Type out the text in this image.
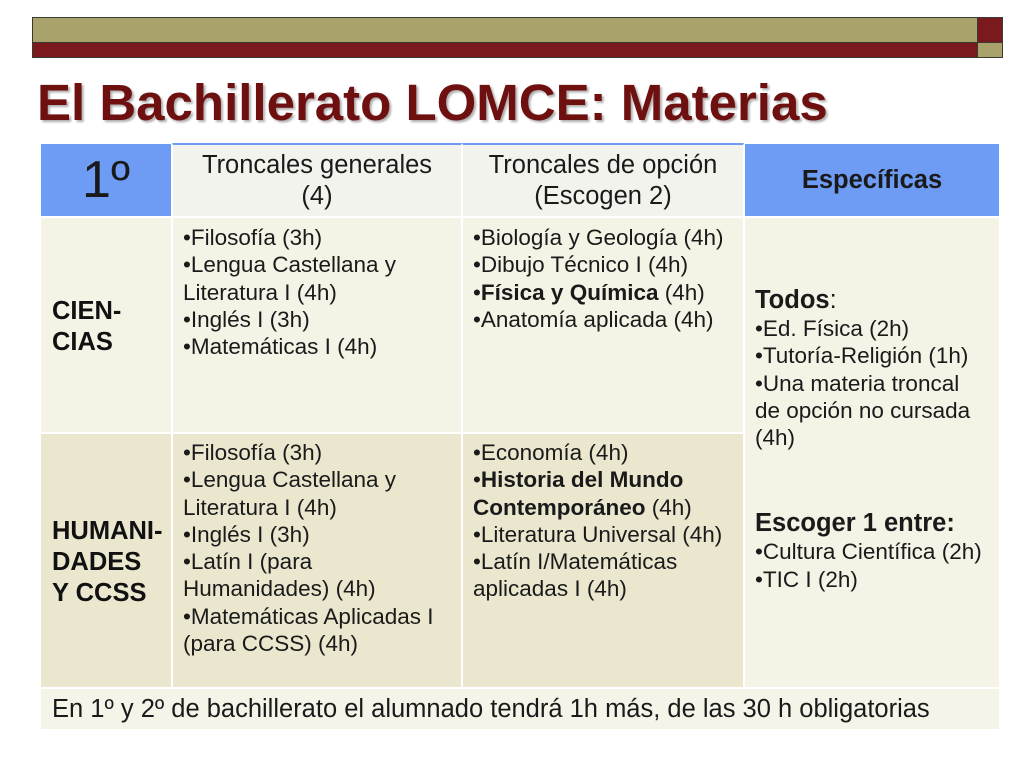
El Bachillerato LOMCE: Materias
1º	Troncales generales
(4)
Troncales de opción
(Escogen 2)
Específicas
CIEN-
CIAS
•Filosofía (3h)
•Lengua Castellana y Literatura I (4h)
•Inglés I (3h)
•Matemáticas I (4h)
•Biología y Geología (4h)
•Dibujo Técnico I (4h)
•Física y Química (4h)
•Anatomía aplicada (4h)
HUMANI-
DADES
Y CCSS
•Filosofía (3h)
•Lengua Castellana y Literatura I (4h)
•Inglés I (3h)
•Latín I (para Humanidades) (4h)
•Matemáticas Aplicadas I (para CCSS) (4h)
•Economía (4h)
•Historia del Mundo Contemporáneo (4h)
•Literatura Universal (4h)
•Latín I/Matemáticas aplicadas I (4h)
Todos:
•Ed. Física (2h)
•Tutoría-Religión (1h)
•Una materia troncal de opción no cursada (4h)
Escoger 1 entre:
•Cultura Científica (2h)
•TIC I (2h)
En 1º y 2º de bachillerato el alumnado tendrá 1h más, de las 30 h obligatorias
